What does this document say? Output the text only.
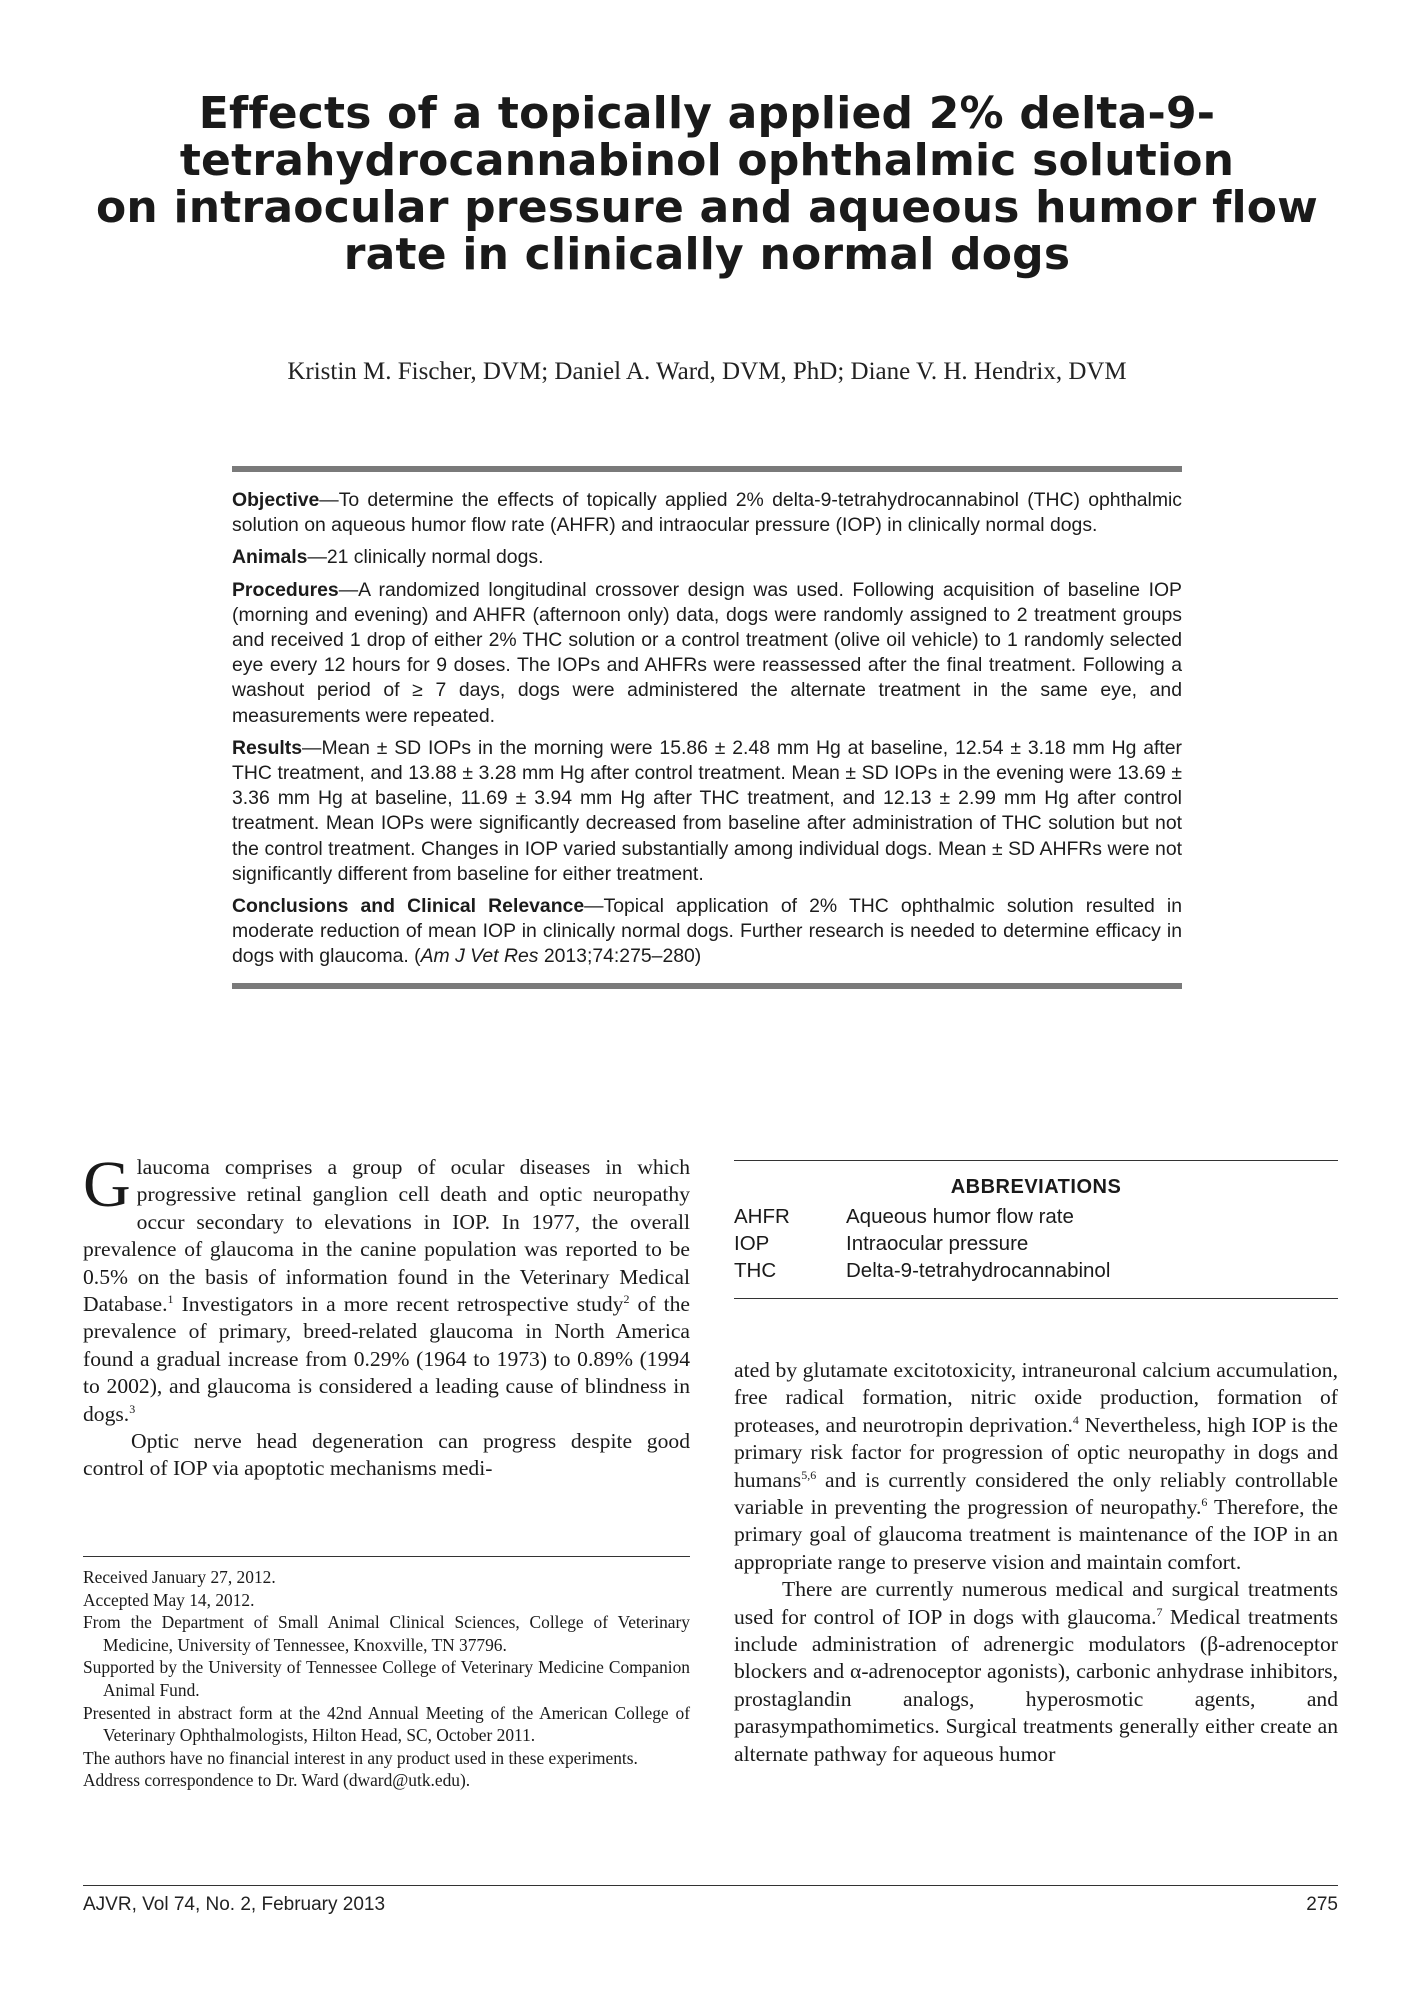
Effects of a topically applied 2% delta-9-
tetrahydrocannabinol ophthalmic solution
on intraocular pressure and aqueous humor flow
rate in clinically normal dogs
Kristin M. Fischer, DVM; Daniel A. Ward, DVM, PhD; Diane V. H. Hendrix, DVM

Objective—To determine the effects of topically applied 2% delta-9-tetrahydrocannabinol (THC) ophthalmic solution on aqueous humor flow rate (AHFR) and intraocular pressure (IOP) in clinically normal dogs.

Animals—21 clinically normal dogs.

Procedures—A randomized longitudinal crossover design was used. Following acquisition of baseline IOP (morning and evening) and AHFR (afternoon only) data, dogs were randomly assigned to 2 treatment groups and received 1 drop of either 2% THC solution or a control treatment (olive oil vehicle) to 1 randomly selected eye every 12 hours for 9 doses. The IOPs and AHFRs were reassessed after the final treatment. Following a washout period of ≥ 7 days, dogs were administered the alternate treatment in the same eye, and measurements were repeated.

Results—Mean ± SD IOPs in the morning were 15.86 ± 2.48 mm Hg at baseline, 12.54 ± 3.18 mm Hg after THC treatment, and 13.88 ± 3.28 mm Hg after control treatment. Mean ± SD IOPs in the evening were 13.69 ± 3.36 mm Hg at baseline, 11.69 ± 3.94 mm Hg after THC treatment, and 12.13 ± 2.99 mm Hg after control treatment. Mean IOPs were significantly decreased from baseline after administration of THC solution but not the control treatment. Changes in IOP varied substantially among individual dogs. Mean ± SD AHFRs were not significantly different from baseline for either treatment.

Conclusions and Clinical Relevance—Topical application of 2% THC ophthalmic solution resulted in moderate reduction of mean IOP in clinically normal dogs. Further research is needed to determine efficacy in dogs with glaucoma. (Am J Vet Res 2013;74:275–280)

Glaucoma comprises a group of ocular diseases in which progressive retinal ganglion cell death and optic neuropathy occur secondary to elevations in IOP. In 1977, the overall prevalence of glaucoma in the canine population was reported to be 0.5% on the basis of information found in the Veterinary Medical Database.$^1$ Investigators in a more recent retrospective study$^2$ of the prevalence of primary, breed-related glaucoma in North America found a gradual increase from 0.29% (1964 to 1973) to 0.89% (1994 to 2002), and glaucoma is considered a leading cause of blindness in dogs.$^3$

Optic nerve head degeneration can progress despite good control of IOP via apoptotic mechanisms medi-

Received January 27, 2012.

Accepted May 14, 2012.

From the Department of Small Animal Clinical Sciences, College of Veterinary Medicine, University of Tennessee, Knoxville, TN 37796.

Supported by the University of Tennessee College of Veterinary Medicine Companion Animal Fund.

Presented in abstract form at the 42nd Annual Meeting of the American College of Veterinary Ophthalmologists, Hilton Head, SC, October 2011.

The authors have no financial interest in any product used in these experiments.

Address correspondence to Dr. Ward (dward@utk.edu).

ABBREVIATIONS
AHFR	Aqueous humor flow rate
IOP	Intraocular pressure
THC	Delta-9-tetrahydrocannabinol

ated by glutamate excitotoxicity, intraneuronal calcium accumulation, free radical formation, nitric oxide production, formation of proteases, and neurotropin deprivation.$^4$ Nevertheless, high IOP is the primary risk factor for progression of optic neuropathy in dogs and humans$^{5,6}$ and is currently considered the only reliably controllable variable in preventing the progression of neuropathy.$^6$ Therefore, the primary goal of glaucoma treatment is maintenance of the IOP in an appropriate range to preserve vision and maintain comfort.

There are currently numerous medical and surgical treatments used for control of IOP in dogs with glaucoma.$^7$ Medical treatments include administration of adrenergic modulators (β-adrenoceptor blockers and α-adrenoceptor agonists), carbonic anhydrase inhibitors, prostaglandin analogs, hyperosmotic agents, and parasympathomimetics. Surgical treatments generally either create an alternate pathway for aqueous humor

AJVR, Vol 74, No. 2, February 2013	275
